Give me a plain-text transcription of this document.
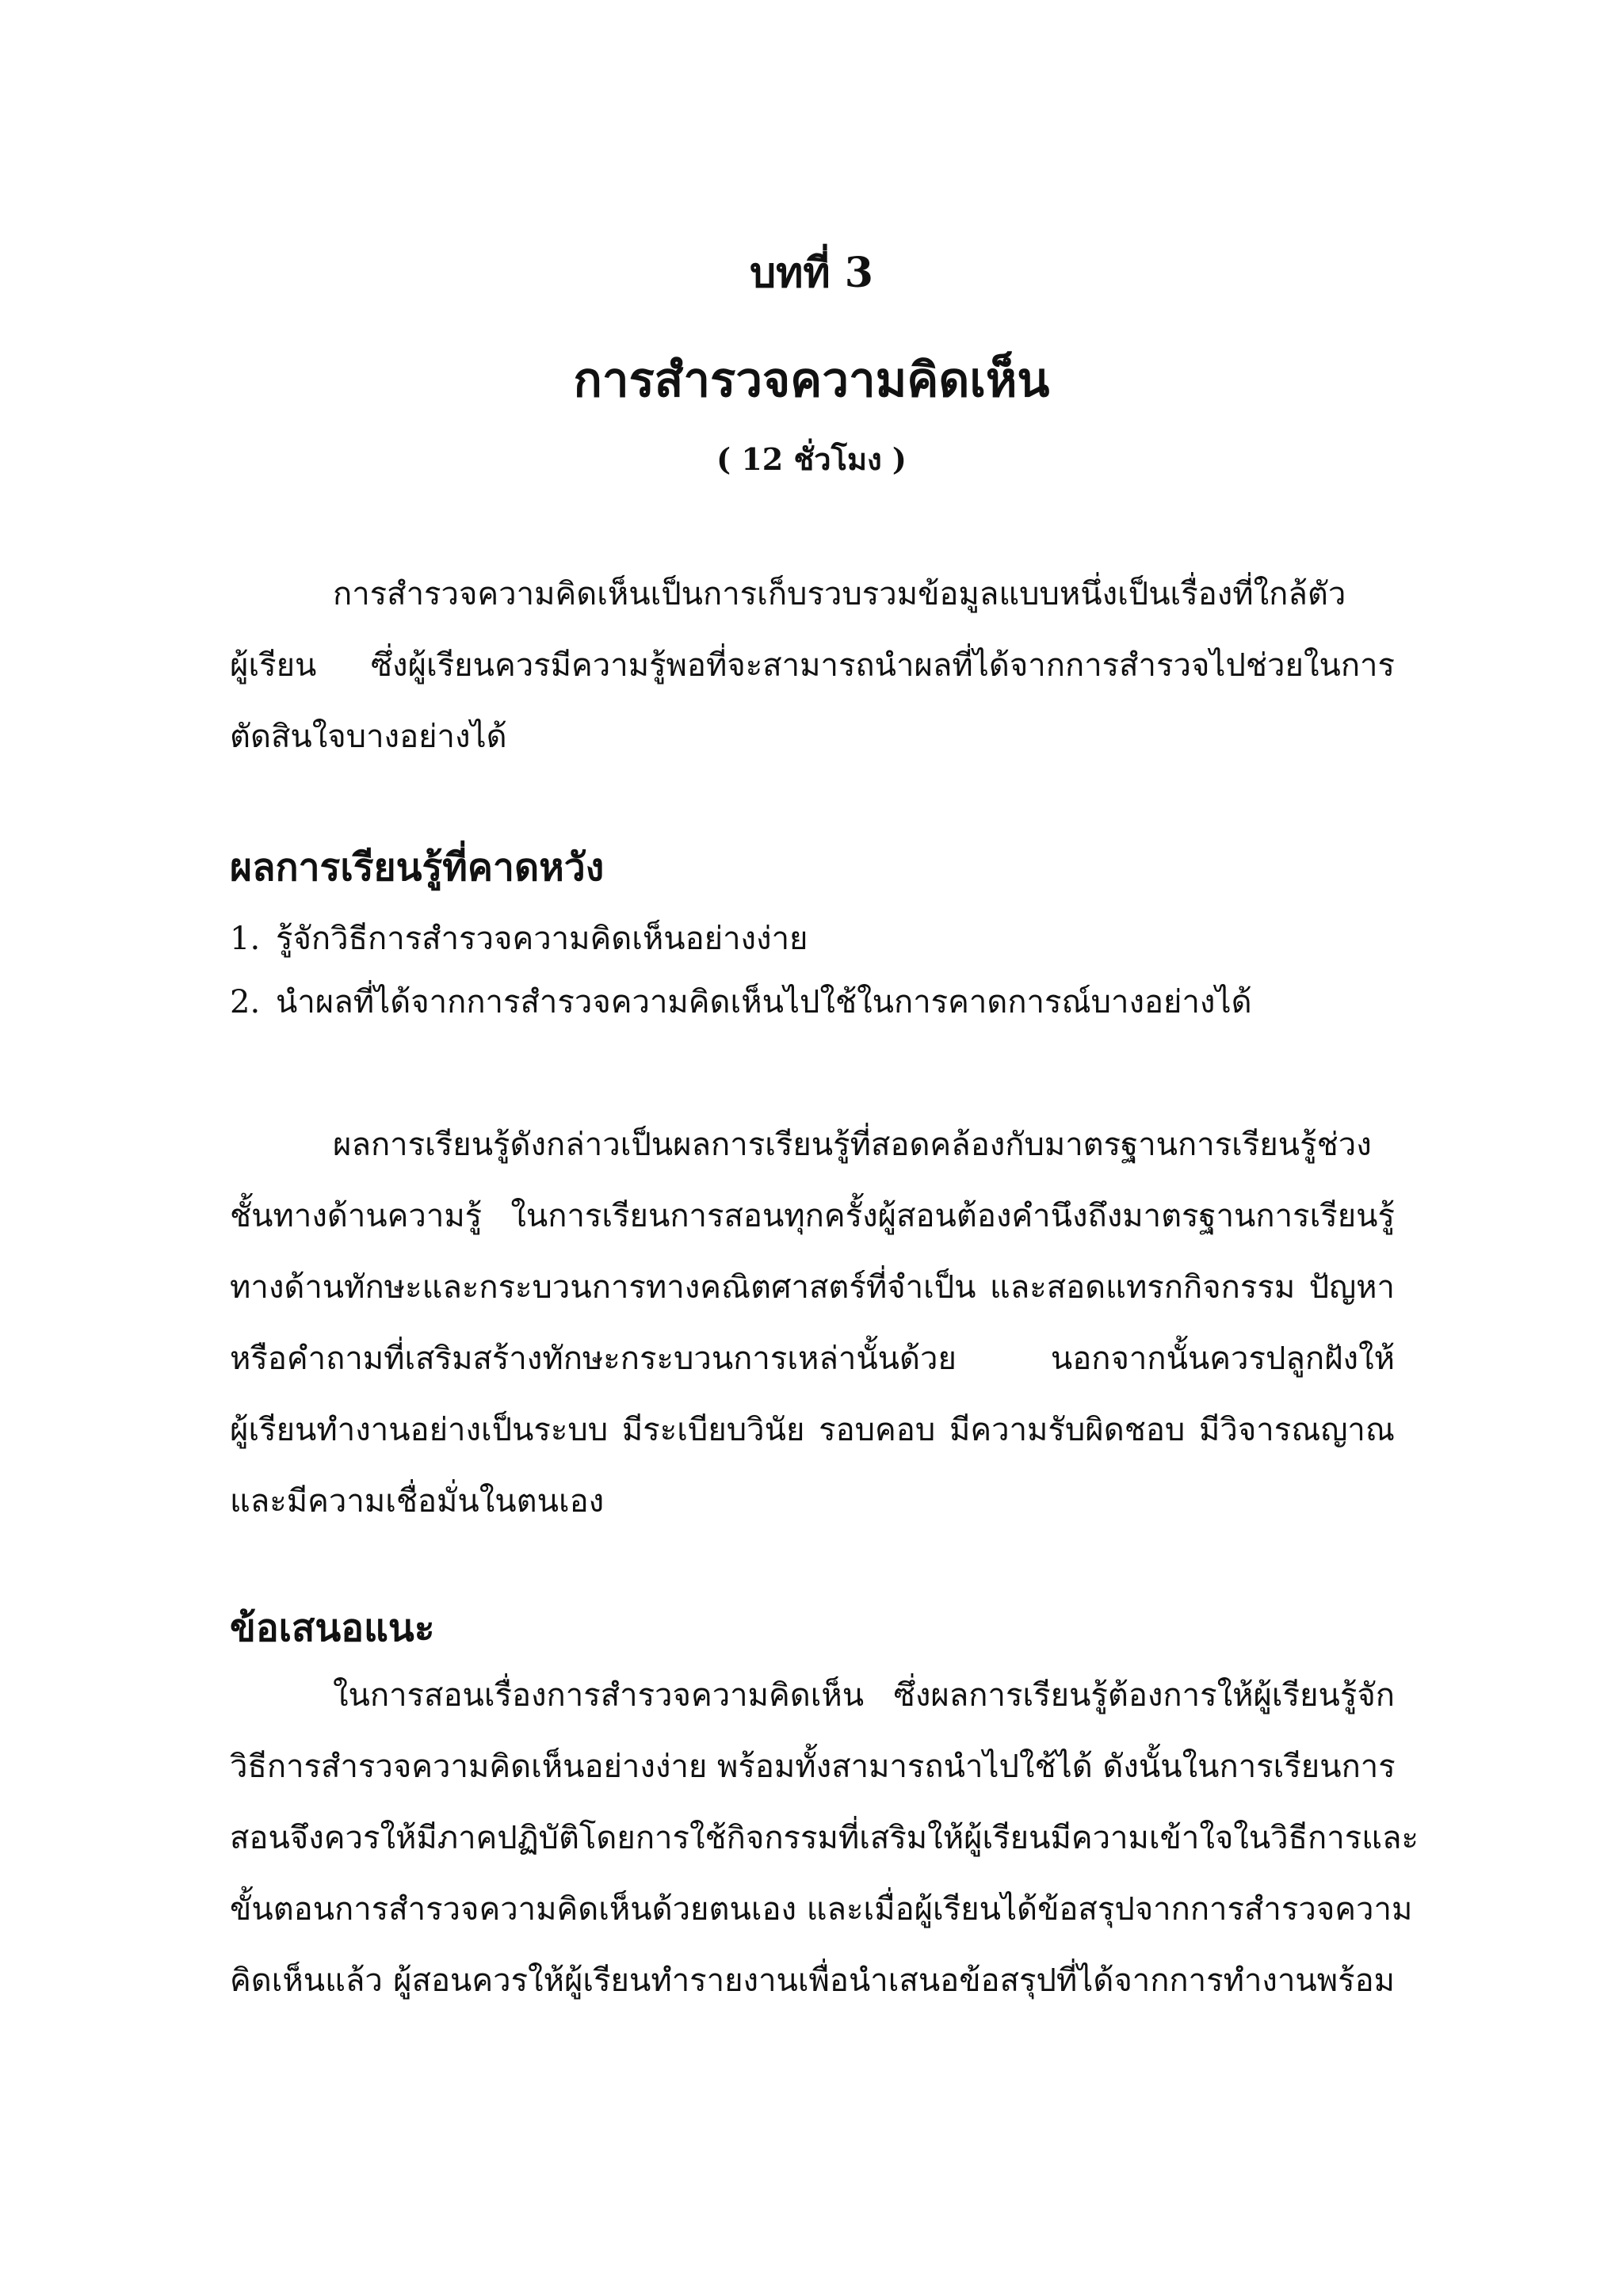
บทที่ 3
การสำรวจความคิดเห็น
( 12 ชั่วโมง )
การสำรวจความคิดเห็นเป็นการเก็บรวบรวมข้อมูลแบบหนึ่งเป็นเรื่องที่ใกล้ตัว
ผู้เรียน ซึ่งผู้เรียนควรมีความรู้พอที่จะสามารถนำผลที่ได้จากการสำรวจไปช่วยในการ
ตัดสินใจบางอย่างได้
ผลการเรียนรู้ที่คาดหวัง
1. รู้จักวิธีการสำรวจความคิดเห็นอย่างง่าย
2. นำผลที่ได้จากการสำรวจความคิดเห็นไปใช้ในการคาดการณ์บางอย่างได้
ผลการเรียนรู้ดังกล่าวเป็นผลการเรียนรู้ที่สอดคล้องกับมาตรฐานการเรียนรู้ช่วง
ชั้นทางด้านความรู้ ในการเรียนการสอนทุกครั้งผู้สอนต้องคำนึงถึงมาตรฐานการเรียนรู้
ทางด้านทักษะและกระบวนการทางคณิตศาสตร์ที่จำเป็น และสอดแทรกกิจกรรม ปัญหา
หรือคำถามที่เสริมสร้างทักษะกระบวนการเหล่านั้นด้วย นอกจากนั้นควรปลูกฝังให้
ผู้เรียนทำงานอย่างเป็นระบบ มีระเบียบวินัย รอบคอบ มีความรับผิดชอบ มีวิจารณญาณ
และมีความเชื่อมั่นในตนเอง
ข้อเสนอแนะ
ในการสอนเรื่องการสำรวจความคิดเห็น ซึ่งผลการเรียนรู้ต้องการให้ผู้เรียนรู้จัก
วิธีการสำรวจความคิดเห็นอย่างง่าย พร้อมทั้งสามารถนำไปใช้ได้ ดังนั้นในการเรียนการ
สอนจึงควรให้มีภาคปฏิบัติโดยการใช้กิจกรรมที่เสริมให้ผู้เรียนมีความเข้าใจในวิธีการและ
ขั้นตอนการสำรวจความคิดเห็นด้วยตนเอง และเมื่อผู้เรียนได้ข้อสรุปจากการสำรวจความ
คิดเห็นแล้ว ผู้สอนควรให้ผู้เรียนทำรายงานเพื่อนำเสนอข้อสรุปที่ได้จากการทำงานพร้อม
